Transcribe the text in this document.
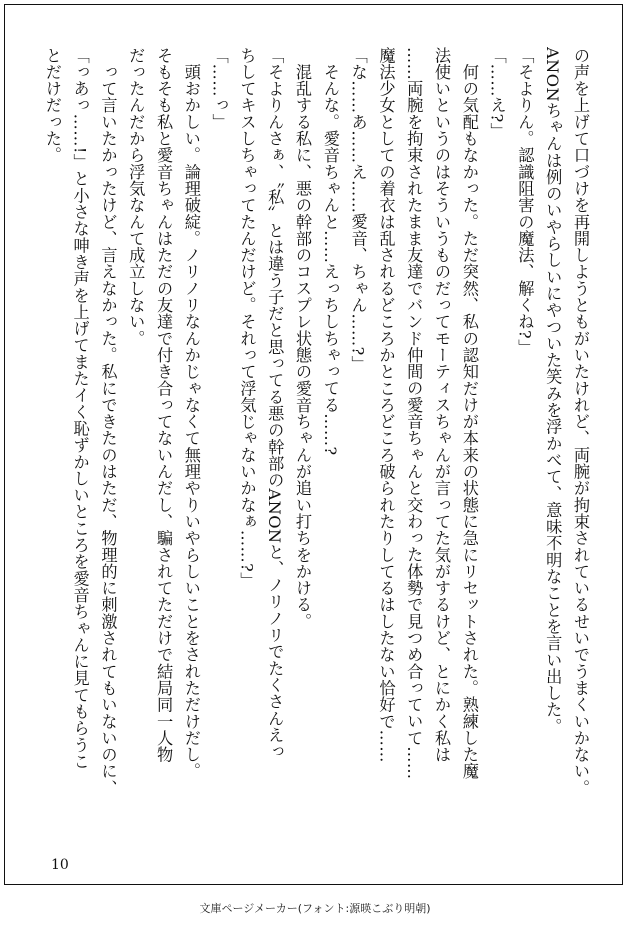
の声を上げて口づけを再開しようともがいたけれど、両腕が拘束されているせいでうまくいかない。

ANONちゃんは例のいやらしいにやついた笑みを浮かべて、意味不明なことを言い出した。

「そよりん。認識阻害の魔法、解くね?」

「……え?」

　何の気配もなかった。ただ突然、私の認知だけが本来の状態に急にリセットされた。熟練した魔

法使いというのはそういうものだってモーティスちゃんが言ってた気がするけど、とにかく私は

……両腕を拘束されたまま友達でバンド仲間の愛音ちゃんと交わった体勢で見つめ合っていて……

魔法少女としての着衣は乱されるどころかところどころ破られたりしてるはしたない恰好で……

「な……あ……え……愛音、ちゃん……?」

　そんな。愛音ちゃんと……えっちしちゃってる……?

　混乱する私に、悪の幹部のコスプレ状態の愛音ちゃんが追い打ちをかける。

「そよりんさぁ、〝私〟とは違う子だと思ってる悪の幹部のANONと、ノリノリでたくさんえっ

ちしてキスしちゃってたんだけど。それって浮気じゃないかなぁ……?」

「……っ」

　頭おかしい。論理破綻。ノリノリなんかじゃなくて無理やりいやらしいことをされただけだし。

そもそも私と愛音ちゃんはただの友達で付き合ってないんだし、騙されてただけで結局同一人物

だったんだから浮気なんて成立しない。

　って言いたかったけど、言えなかった。私にできたのはただ、物理的に刺激されてもいないのに、

「っあっ……!」と小さな呻き声を上げてまたイく恥ずかしいところを愛音ちゃんに見てもらうこ

とだけだった。

10
文庫ページメーカー(フォント:源暎こぶり明朝)
